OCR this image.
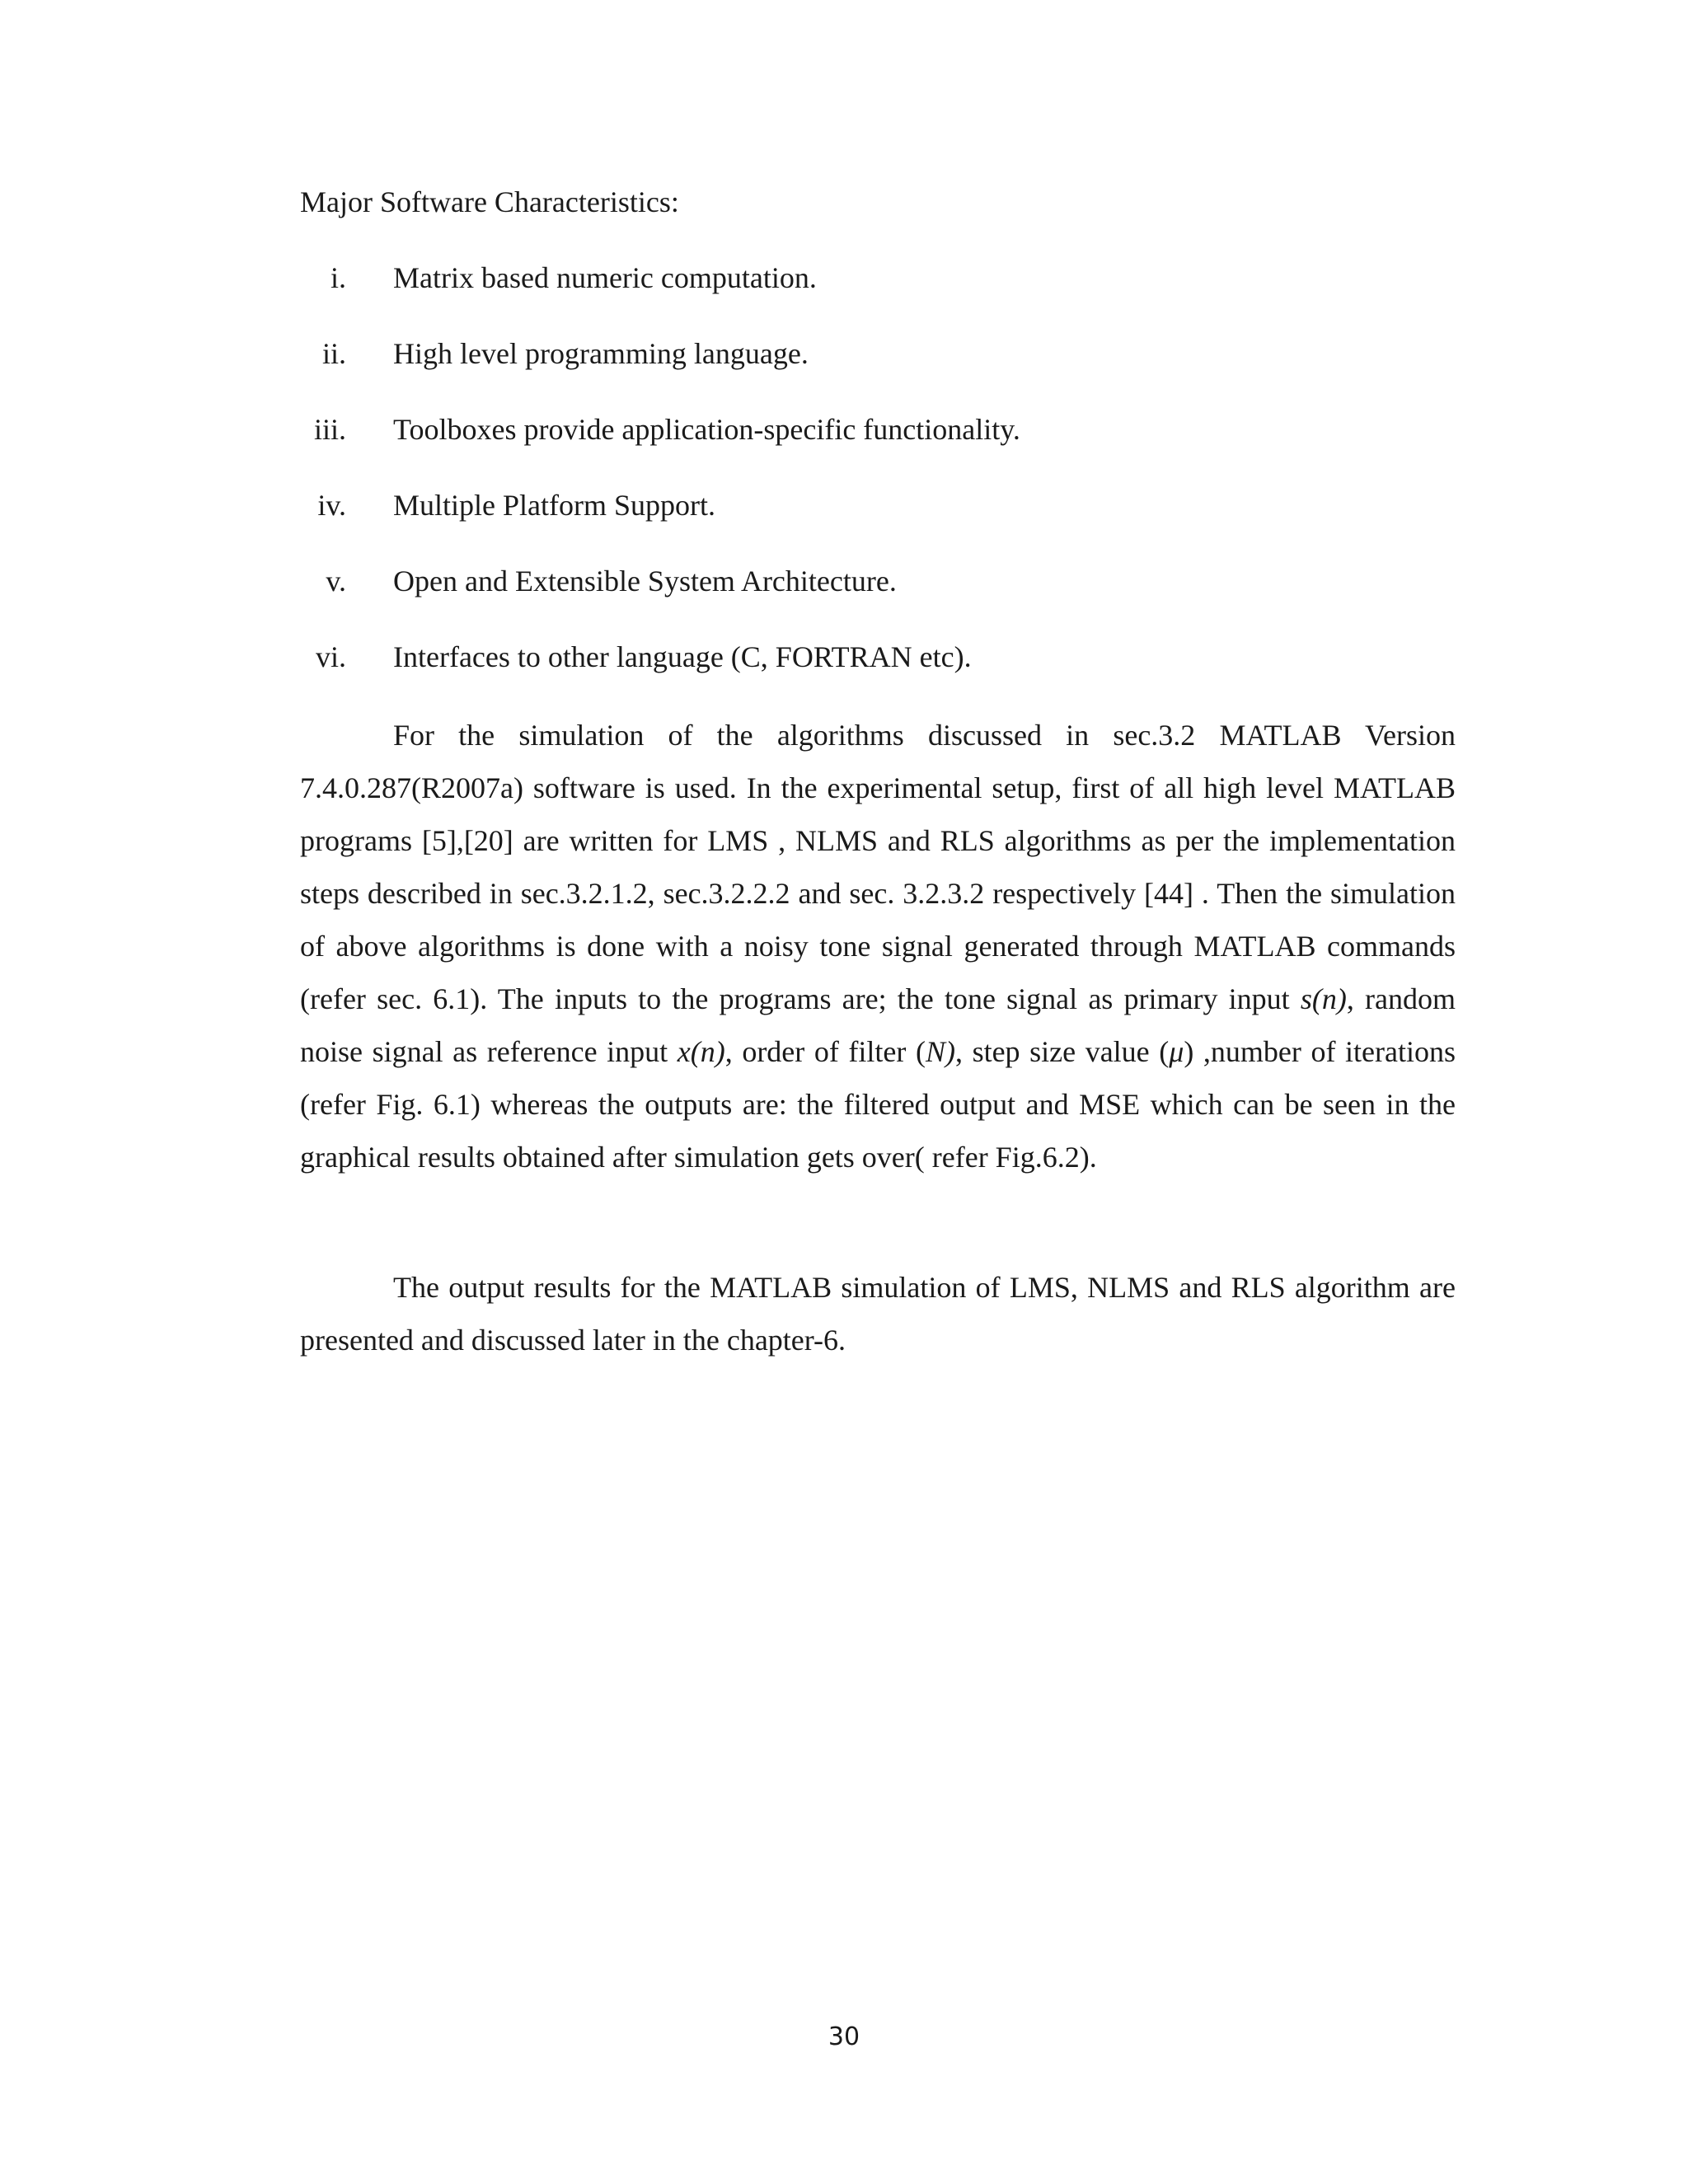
Major Software Characteristics:
i. Matrix based numeric computation.
ii. High level programming language.
iii. Toolboxes provide application-specific functionality.
iv. Multiple Platform Support.
v. Open and Extensible System Architecture.
vi. Interfaces to other language (C, FORTRAN etc).

For the simulation of the algorithms discussed in sec.3.2 MATLAB Version 7.4.0.287(R2007a) software is used. In the experimental setup, first of all high level MATLAB programs [5],[20] are written for LMS , NLMS and RLS algorithms as per the implementation steps described in sec.3.2.1.2, sec.3.2.2.2 and sec. 3.2.3.2 respectively [44] . Then the simulation of above algorithms is done with a noisy tone signal generated through MATLAB commands (refer sec. 6.1). The inputs to the programs are; the tone signal as primary input s(n), random noise signal as reference input x(n), order of filter (N), step size value (μ) ,number of iterations (refer Fig. 6.1) whereas the outputs are: the filtered output and MSE which can be seen in the graphical results obtained after simulation gets over( refer Fig.6.2).

The output results for the MATLAB simulation of LMS, NLMS and RLS algorithm are presented and discussed later in the chapter-6.

30
